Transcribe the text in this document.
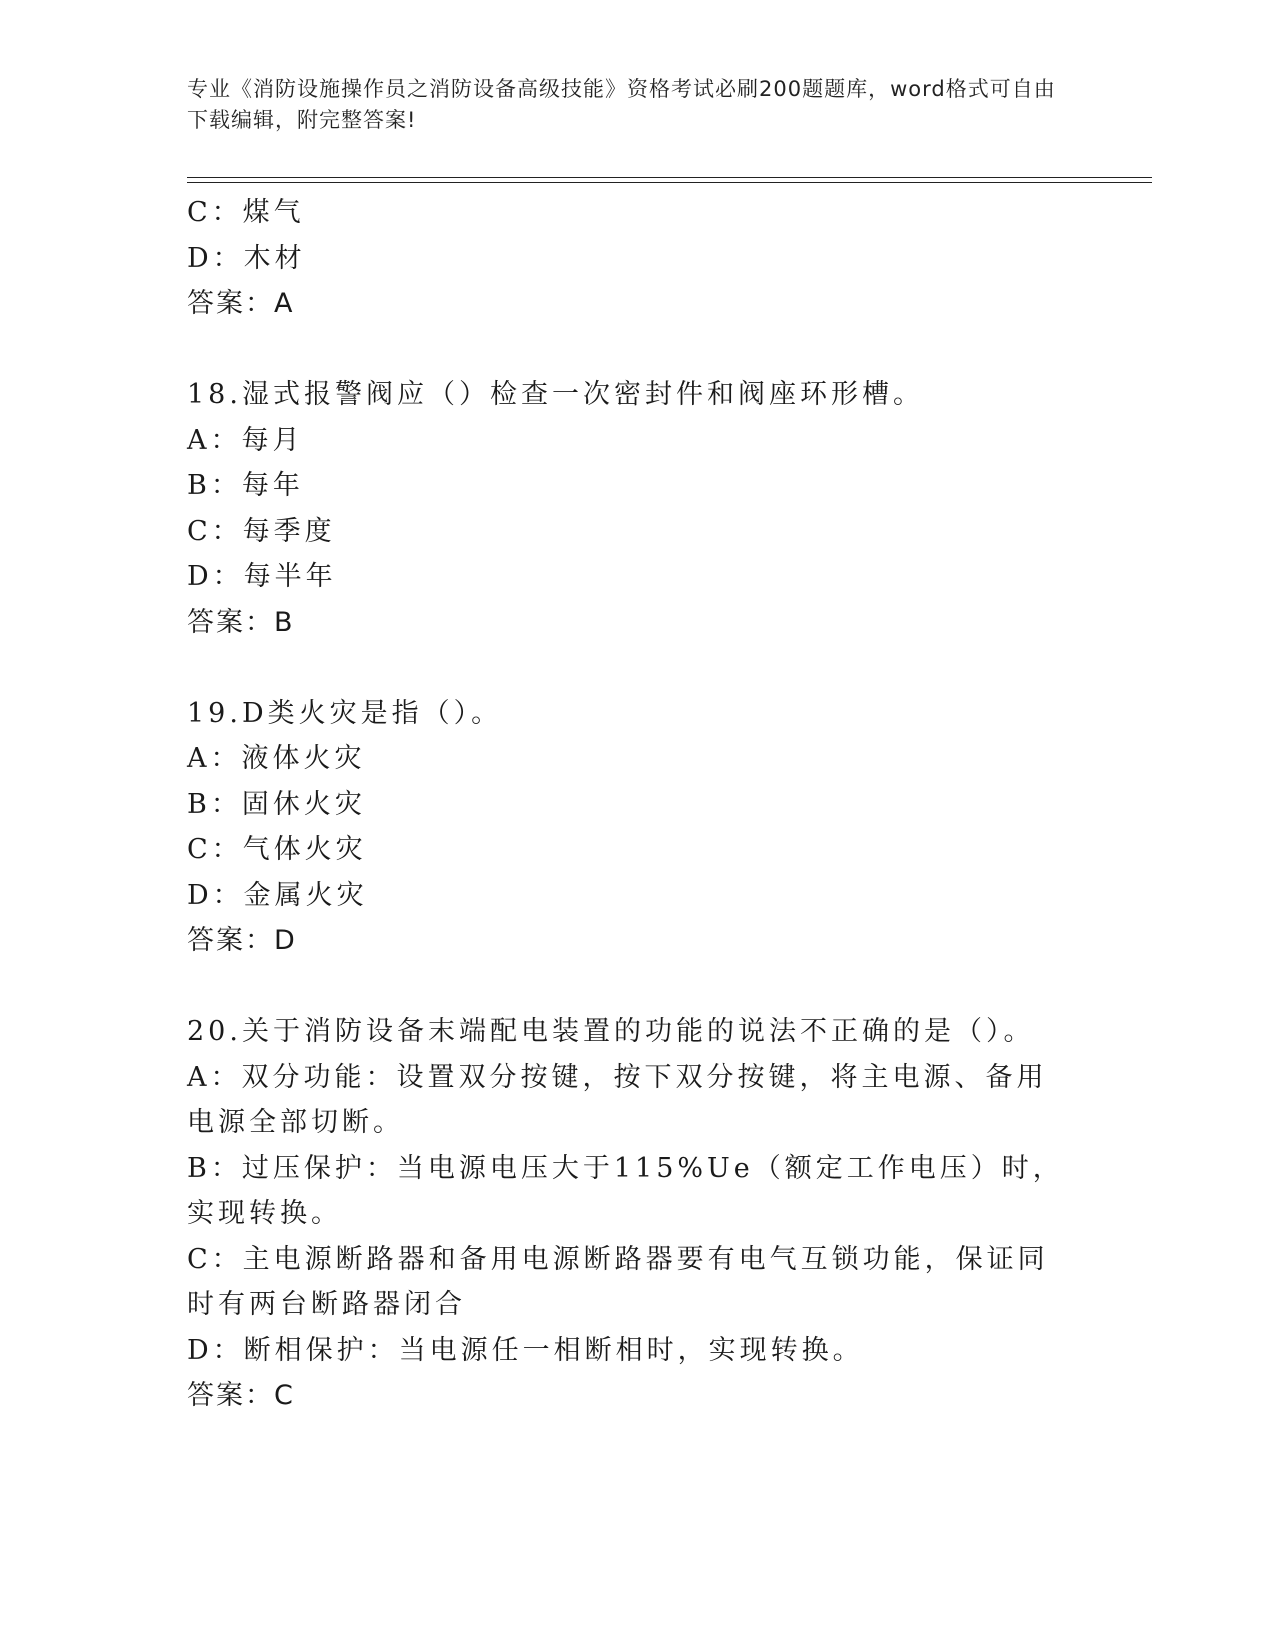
专业《消防设施操作员之消防设备高级技能》资格考试必刷200题题库，word格式可自由下载编辑，附完整答案!
C：煤气
D：木材
答案：A
18.湿式报警阀应（）检查一次密封件和阀座环形槽。
A：每月
B：每年
C：每季度
D：每半年
答案：B
19.D类火灾是指（）。
A：液体火灾
B：固休火灾
C：气体火灾
D：金属火灾
答案：D
20.关于消防设备末端配电装置的功能的说法不正确的是（）。
A：双分功能：设置双分按键，按下双分按键，将主电源、备用电源全部切断。
B：过压保护：当电源电压大于115%Ue（额定工作电压）时，实现转换。
C：主电源断路器和备用电源断路器要有电气互锁功能，保证同时有两台断路器闭合
D：断相保护：当电源任一相断相时，实现转换。
答案：C
